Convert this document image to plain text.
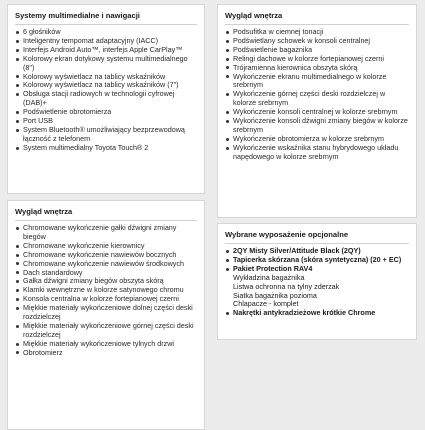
Systemy multimedialne i nawigacji
6 głośników
Inteligentny tempomat adaptacyjny (IACC)
Interfejs Android Auto™, interfejs Apple CarPlay™
Kolorowy ekran dotykowy systemu multimedialnego (8")
Kolorowy wyświetlacz na tablicy wskaźników
Kolorowy wyświetlacz na tablicy wskaźników (7")
Obsługa stacji radiowych w technologii cyfrowej (DAB)+
Podświetlenie obrotomierza
Port USB
System Bluetooth® umożliwiający bezprzewodową łączność z telefonem
System multimedialny Toyota Touch® 2
Wygląd wnętrza
Chromowane wykończenie gałki dźwigni zmiany biegów
Chromowane wykończenie kierownicy
Chromowane wykończenie nawiewów bocznych
Chromowane wykończenie nawiewów środkowych
Dach standardowy
Gałka dźwigni zmiany biegów obszyta skórą
Klamki wewnętrzne w kolorze satynowego chromu
Konsola centralna w kolorze fortepianowej czerni
Miękkie materiały wykończeniowe dolnej części deski rozdzielczej
Miękkie materiały wykończeniowe górnej części deski rozdzielczej
Miękkie materiały wykończeniowe tylnych drzwi
Obrotomierz
Wygląd wnętrza
Podsufitka w ciemnej tonacji
Podświetlany schowek w konsoli centralnej
Podświetlenie bagażnika
Relingi dachowe w kolorze fortepianowej czerni
Trójramienna kierownica obszyta skórą
Wykończenie ekranu multimedialnego w kolorze srebrnym
Wykończenie górnej części deski rozdzielczej w kolorze srebrnym
Wykończenie konsoli centralnej w kolorze srebrnym
Wykończenie konsoli dźwigni zmiany biegów w kolorze srebrnym
Wykończenie obrotomierza w kolorze srebrnym
Wykończenie wskaźnika stanu hybrydowego układu napędowego w kolorze srebrnym
Wybrane wyposażenie opcjonalne
2QY Misty Silver/Attitude Black (2QY)
Tapicerka skórzana (skóra syntetyczna) (20 + EC)
Pakiet Protection RAV4
Wykładzina bagażnika
Listwa ochronna na tylny zderzak
Siatka bagażnika pozioma
Chlapacze - komplet
Nakrętki antykradzieżowe krótkie Chrome
